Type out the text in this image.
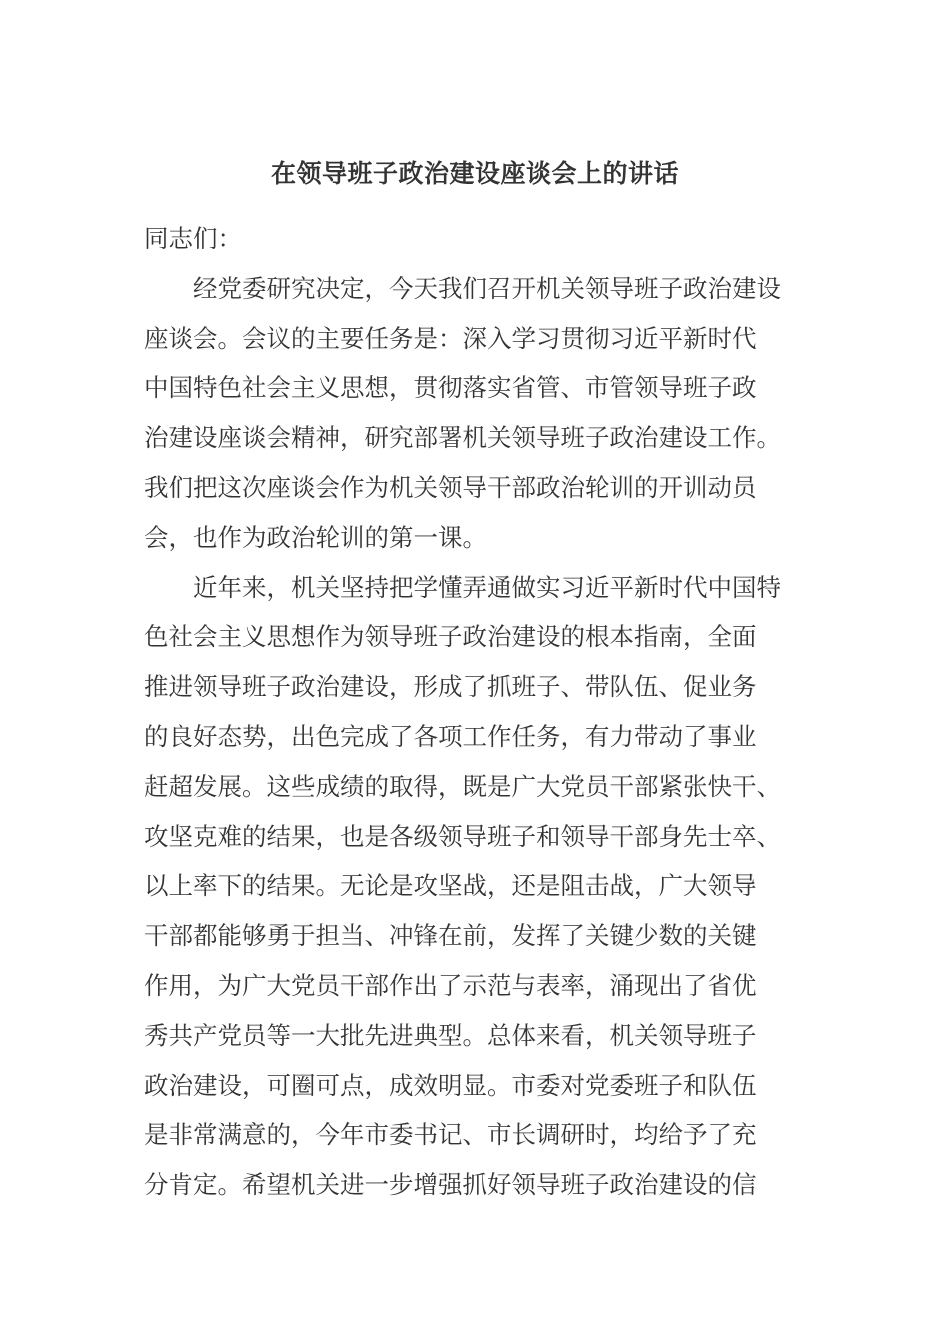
在领导班子政治建设座谈会上的讲话
同志们：
　　经党委研究决定，今天我们召开机关领导班子政治建设
座谈会。会议的主要任务是：深入学习贯彻习近平新时代
中国特色社会主义思想，贯彻落实省管、市管领导班子政
治建设座谈会精神，研究部署机关领导班子政治建设工作。
我们把这次座谈会作为机关领导干部政治轮训的开训动员
会，也作为政治轮训的第一课。
　　近年来，机关坚持把学懂弄通做实习近平新时代中国特
色社会主义思想作为领导班子政治建设的根本指南，全面
推进领导班子政治建设，形成了抓班子、带队伍、促业务
的良好态势，出色完成了各项工作任务，有力带动了事业
赶超发展。这些成绩的取得，既是广大党员干部紧张快干、
攻坚克难的结果，也是各级领导班子和领导干部身先士卒、
以上率下的结果。无论是攻坚战，还是阻击战，广大领导
干部都能够勇于担当、冲锋在前，发挥了关键少数的关键
作用，为广大党员干部作出了示范与表率，涌现出了省优
秀共产党员等一大批先进典型。总体来看，机关领导班子
政治建设，可圈可点，成效明显。市委对党委班子和队伍
是非常满意的，今年市委书记、市长调研时，均给予了充
分肯定。希望机关进一步增强抓好领导班子政治建设的信
